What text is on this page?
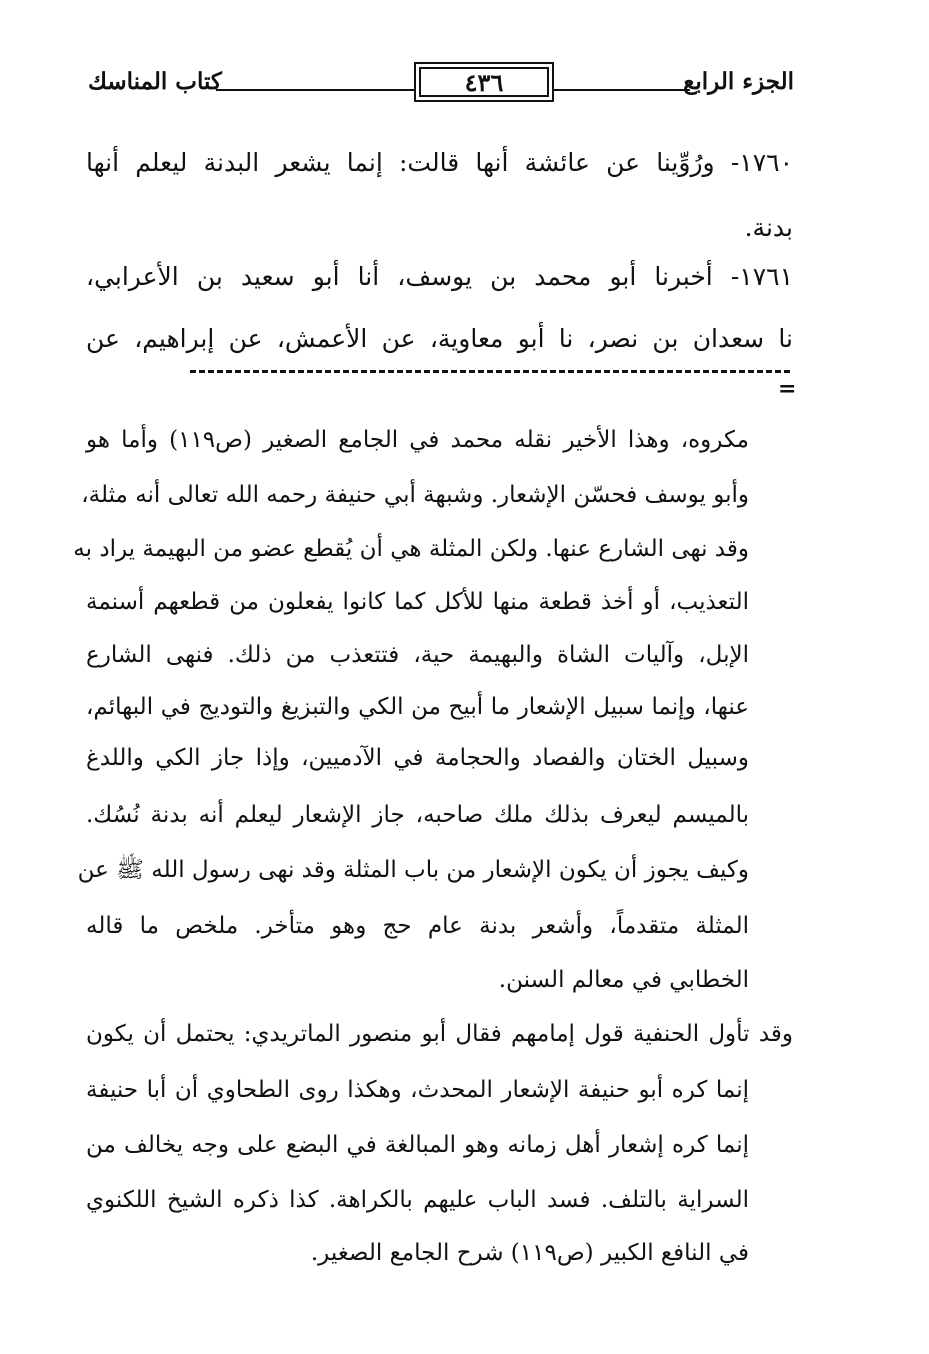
كتاب المناسك	٤٣٦	الجزء الرابع
١٧٦٠- ورُوِّينا عن عائشة أنها قالت: إنما يشعر البدنة ليعلم أنها
بدنة.
١٧٦١- أخبرنا أبو محمد بن يوسف، أنا أبو سعيد بن الأعرابي،
نا سعدان بن نصر، نا أبو معاوية، عن الأعمش، عن إبراهيم، عن
=
مكروه، وهذا الأخير نقله محمد في الجامع الصغير (ص١١٩) وأما هو
وأبو يوسف فحسّن الإشعار. وشبهة أبي حنيفة رحمه الله تعالى أنه مثلة،
وقد نهى الشارع عنها. ولكن المثلة هي أن يُقطع عضو من البهيمة يراد به
التعذيب، أو أخذ قطعة منها للأكل كما كانوا يفعلون من قطعهم أسنمة
الإبل، وآليات الشاة والبهيمة حية، فتتعذب من ذلك. فنهى الشارع
عنها، وإنما سبيل الإشعار ما أبيح من الكي والتبزيغ والتوديج في البهائم،
وسبيل الختان والفصاد والحجامة في الآدميين، وإذا جاز الكي واللدغ
بالميسم ليعرف بذلك ملك صاحبه، جاز الإشعار ليعلم أنه بدنة نُسُك.
وكيف يجوز أن يكون الإشعار من باب المثلة وقد نهى رسول الله ﷺ عن
المثلة متقدماً، وأشعر بدنة عام حج وهو متأخر. ملخص ما قاله
الخطابي في معالم السنن.
وقد تأول الحنفية قول إمامهم فقال أبو منصور الماتريدي: يحتمل أن يكون
إنما كره أبو حنيفة الإشعار المحدث، وهكذا روى الطحاوي أن أبا حنيفة
إنما كره إشعار أهل زمانه وهو المبالغة في البضع على وجه يخالف من
السراية بالتلف. فسد الباب عليهم بالكراهة. كذا ذكره الشيخ اللكنوي
في النافع الكبير (ص١١٩) شرح الجامع الصغير.
